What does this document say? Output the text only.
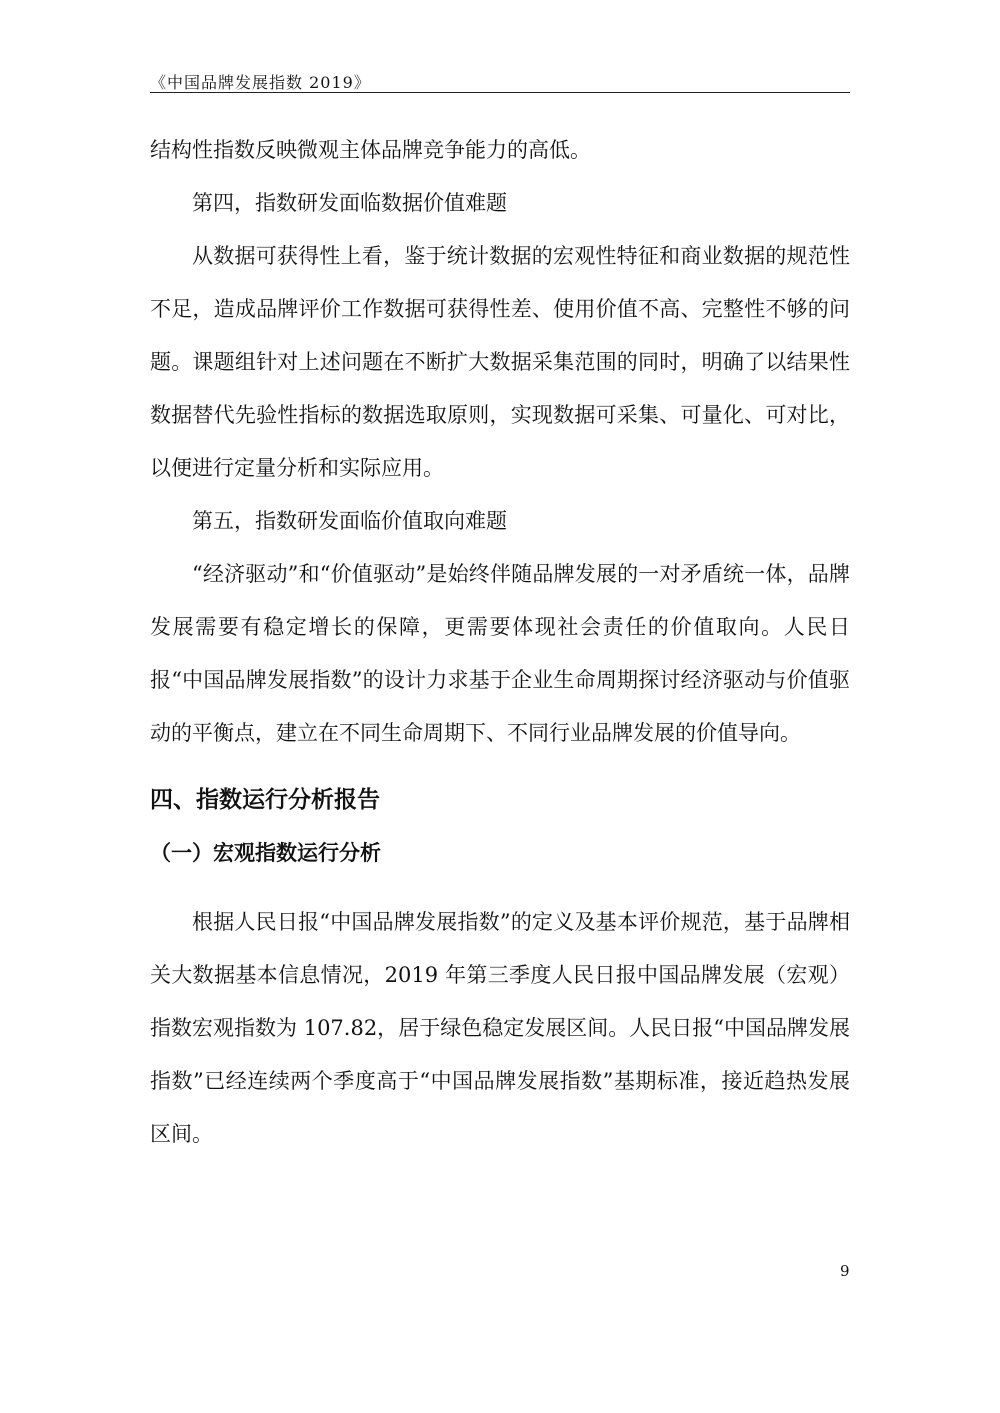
《中国品牌发展指数 2019》

结构性指数反映微观主体品牌竞争能力的高低。

第四，指数研发面临数据价值难题

从数据可获得性上看，鉴于统计数据的宏观性特征和商业数据的规范性不足，造成品牌评价工作数据可获得性差、使用价值不高、完整性不够的问题。课题组针对上述问题在不断扩大数据采集范围的同时，明确了以结果性数据替代先验性指标的数据选取原则，实现数据可采集、可量化、可对比，以便进行定量分析和实际应用。

第五，指数研发面临价值取向难题

“经济驱动”和“价值驱动”是始终伴随品牌发展的一对矛盾统一体，品牌发展需要有稳定增长的保障，更需要体现社会责任的价值取向。人民日报“中国品牌发展指数”的设计力求基于企业生命周期探讨经济驱动与价值驱动的平衡点，建立在不同生命周期下、不同行业品牌发展的价值导向。

四、指数运行分析报告
（一）宏观指数运行分析

根据人民日报“中国品牌发展指数”的定义及基本评价规范，基于品牌相关大数据基本信息情况，2019 年第三季度人民日报中国品牌发展（宏观）指数宏观指数为 107.82，居于绿色稳定发展区间。人民日报“中国品牌发展指数”已经连续两个季度高于“中国品牌发展指数”基期标准，接近趋热发展区间。

9
